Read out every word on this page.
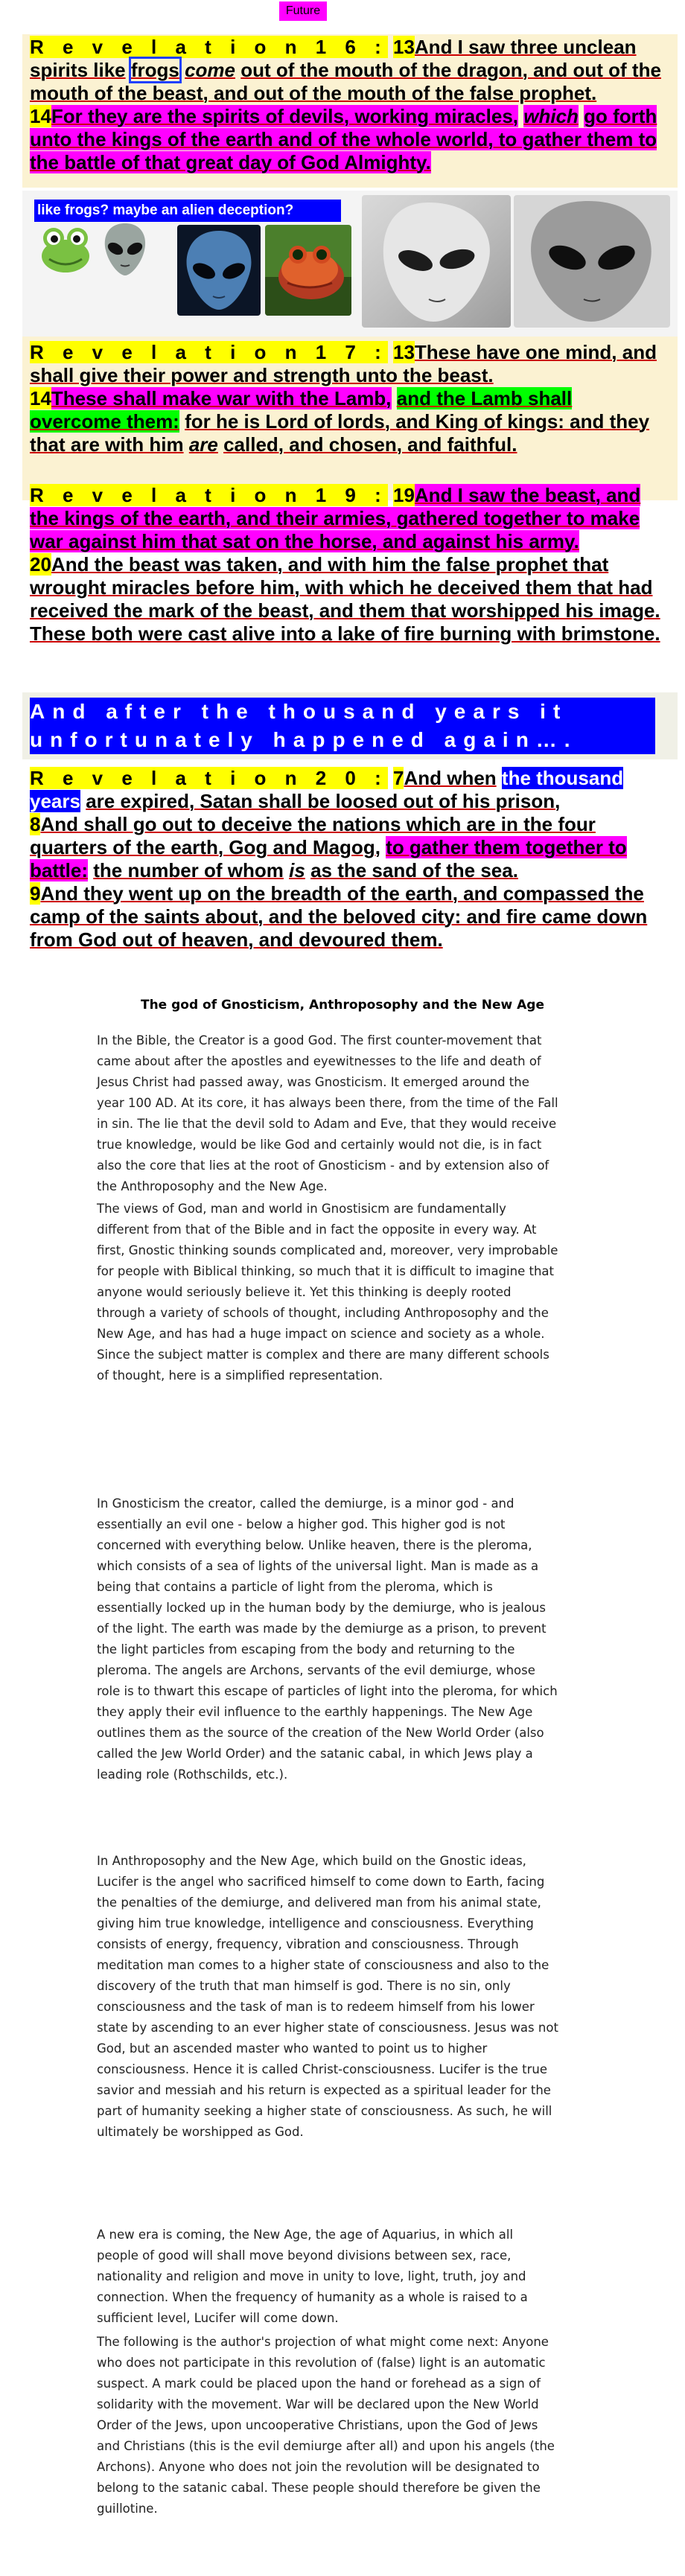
Future
R e v e l a t i o n 1 6 : 13And I saw three unclean spirits like frogs come out of the mouth of the dragon, and out of the mouth of the beast, and out of the mouth of the false prophet.
14For they are the spirits of devils, working miracles, which go forth unto the kings of the earth and of the whole world, to gather them to the battle of that great day of God Almighty.
like frogs? maybe an alien deception?
R e v e l a t i o n 1 7 : 13These have one mind, and shall give their power and strength unto the beast.
14These shall make war with the Lamb, and the Lamb shall overcome them: for he is Lord of lords, and King of kings: and they that are with him are called, and chosen, and faithful.
R e v e l a t i o n 1 9 : 19And I saw the beast, and the kings of the earth, and their armies, gathered together to make war against him that sat on the horse, and against his army.
20And the beast was taken, and with him the false prophet that wrought miracles before him, with which he deceived them that had received the mark of the beast, and them that worshipped his image. These both were cast alive into a lake of fire burning with brimstone.
And after the thousand years it unfortunately happened again….
R e v e l a t i o n 2 0 : 7And when the thousand years are expired, Satan shall be loosed out of his prison,
8And shall go out to deceive the nations which are in the four quarters of the earth, Gog and Magog, to gather them together to battle: the number of whom is as the sand of the sea.
9And they went up on the breadth of the earth, and compassed the camp of the saints about, and the beloved city: and fire came down from God out of heaven, and devoured them.
The god of Gnosticism, Anthroposophy and the New Age
In the Bible, the Creator is a good God. The first counter-movement that came about after the apostles and eyewitnesses to the life and death of Jesus Christ had passed away, was Gnosticism. It emerged around the year 100 AD. At its core, it has always been there, from the time of the Fall in sin. The lie that the devil sold to Adam and Eve, that they would receive true knowledge, would be like God and certainly would not die, is in fact also the core that lies at the root of Gnosticism - and by extension also of the Anthroposophy and the New Age.
The views of God, man and world in Gnostisicm are fundamentally different from that of the Bible and in fact the opposite in every way. At first, Gnostic thinking sounds complicated and, moreover, very improbable for people with Biblical thinking, so much that it is difficult to imagine that anyone would seriously believe it. Yet this thinking is deeply rooted through a variety of schools of thought, including Anthroposophy and the New Age, and has had a huge impact on science and society as a whole. Since the subject matter is complex and there are many different schools of thought, here is a simplified representation.
In Gnosticism the creator, called the demiurge, is a minor god - and essentially an evil one - below a higher god. This higher god is not concerned with everything below. Unlike heaven, there is the pleroma, which consists of a sea of lights of the universal light. Man is made as a being that contains a particle of light from the pleroma, which is essentially locked up in the human body by the demiurge, who is jealous of the light. The earth was made by the demiurge as a prison, to prevent the light particles from escaping from the body and returning to the pleroma. The angels are Archons, servants of the evil demiurge, whose role is to thwart this escape of particles of light into the pleroma, for which they apply their evil influence to the earthly happenings. The New Age outlines them as the source of the creation of the New World Order (also called the Jew World Order) and the satanic cabal, in which Jews play a leading role (Rothschilds, etc.).
In Anthroposophy and the New Age, which build on the Gnostic ideas, Lucifer is the angel who sacrificed himself to come down to Earth, facing the penalties of the demiurge, and delivered man from his animal state, giving him true knowledge, intelligence and consciousness. Everything consists of energy, frequency, vibration and consciousness. Through meditation man comes to a higher state of consciousness and also to the discovery of the truth that man himself is god. There is no sin, only consciousness and the task of man is to redeem himself from his lower state by ascending to an ever higher state of consciousness. Jesus was not God, but an ascended master who wanted to point us to higher consciousness. Hence it is called Christ-consciousness. Lucifer is the true savior and messiah and his return is expected as a spiritual leader for the part of humanity seeking a higher state of consciousness. As such, he will ultimately be worshipped as God.
A new era is coming, the New Age, the age of Aquarius, in which all people of good will shall move beyond divisions between sex, race, nationality and religion and move in unity to love, light, truth, joy and connection. When the frequency of humanity as a whole is raised to a sufficient level, Lucifer will come down.
The following is the author's projection of what might come next: Anyone who does not participate in this revolution of (false) light is an automatic suspect. A mark could be placed upon the hand or forehead as a sign of solidarity with the movement. War will be declared upon the New World Order of the Jews, upon uncooperative Christians, upon the God of Jews and Christians (this is the evil demiurge after all) and upon his angels (the Archons). Anyone who does not join the revolution will be designated to belong to the satanic cabal. These people should therefore be given the guillotine.
